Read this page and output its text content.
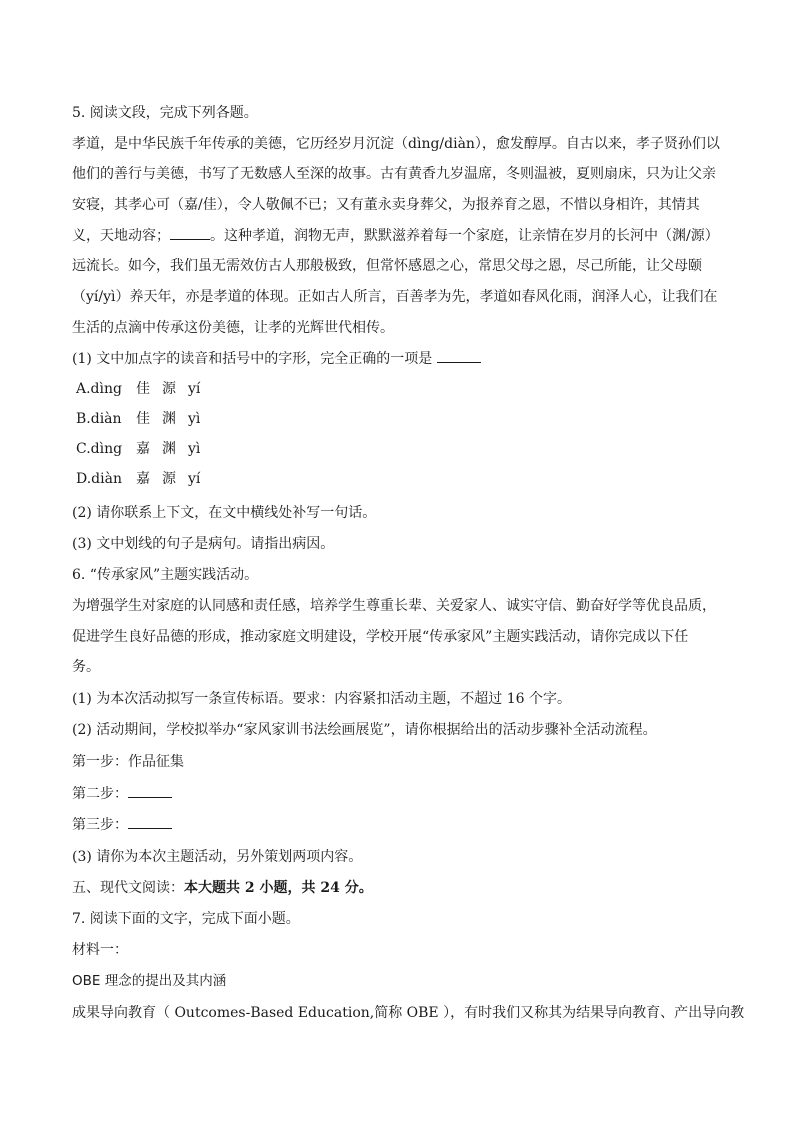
5. 阅读文段，完成下列各题。
孝道，是中华民族千年传承的美德，它历经岁月沉淀（dìng/diàn），愈发醇厚。自古以来，孝子贤孙们以
他们的善行与美德，书写了无数感人至深的故事。古有黄香九岁温席，冬则温被，夏则扇床，只为让父亲
安寝，其孝心可（嘉/佳），令人敬佩不已；又有董永卖身葬父，为报养育之恩，不惜以身相许，其情其
义，天地动容；	。这种孝道，润物无声，默默滋养着每一个家庭，让亲情在岁月的长河中（渊/源）
远流长。如今，我们虽无需效仿古人那般极致，但常怀感恩之心，常思父母之恩，尽己所能，让父母颐
（yí/yì）养天年，亦是孝道的体现。正如古人所言，百善孝为先，孝道如春风化雨，润泽人心，让我们在
生活的点滴中传承这份美德，让孝的光辉世代相传。
(1) 文中加点字的读音和括号中的字形，完全正确的一项是
A.dìng 佳 源 yí
B.diàn 佳 渊 yì
C.dìng 嘉 渊 yì
D.diàn 嘉 源 yí
(2) 请你联系上下文，在文中横线处补写一句话。
(3) 文中划线的句子是病句。请指出病因。
6. “传承家风”主题实践活动。
为增强学生对家庭的认同感和责任感，培养学生尊重长辈、关爱家人、诚实守信、勤奋好学等优良品质，
促进学生良好品德的形成，推动家庭文明建设，学校开展“传承家风”主题实践活动，请你完成以下任
务。
(1) 为本次活动拟写一条宣传标语。要求：内容紧扣活动主题，不超过 16 个字。
(2) 活动期间，学校拟举办“家风家训书法绘画展览”，请你根据给出的活动步骤补全活动流程。
第一步：作品征集
第二步：
第三步：
(3) 请你为本次主题活动，另外策划两项内容。
五、现代文阅读：本大题共 2 小题，共 24 分。
7. 阅读下面的文字，完成下面小题。
材料一：
OBE 理念的提出及其内涵
成果导向教育（ Outcomes-Based Education,简称 OBE ），有时我们又称其为结果导向教育、产出导向教
